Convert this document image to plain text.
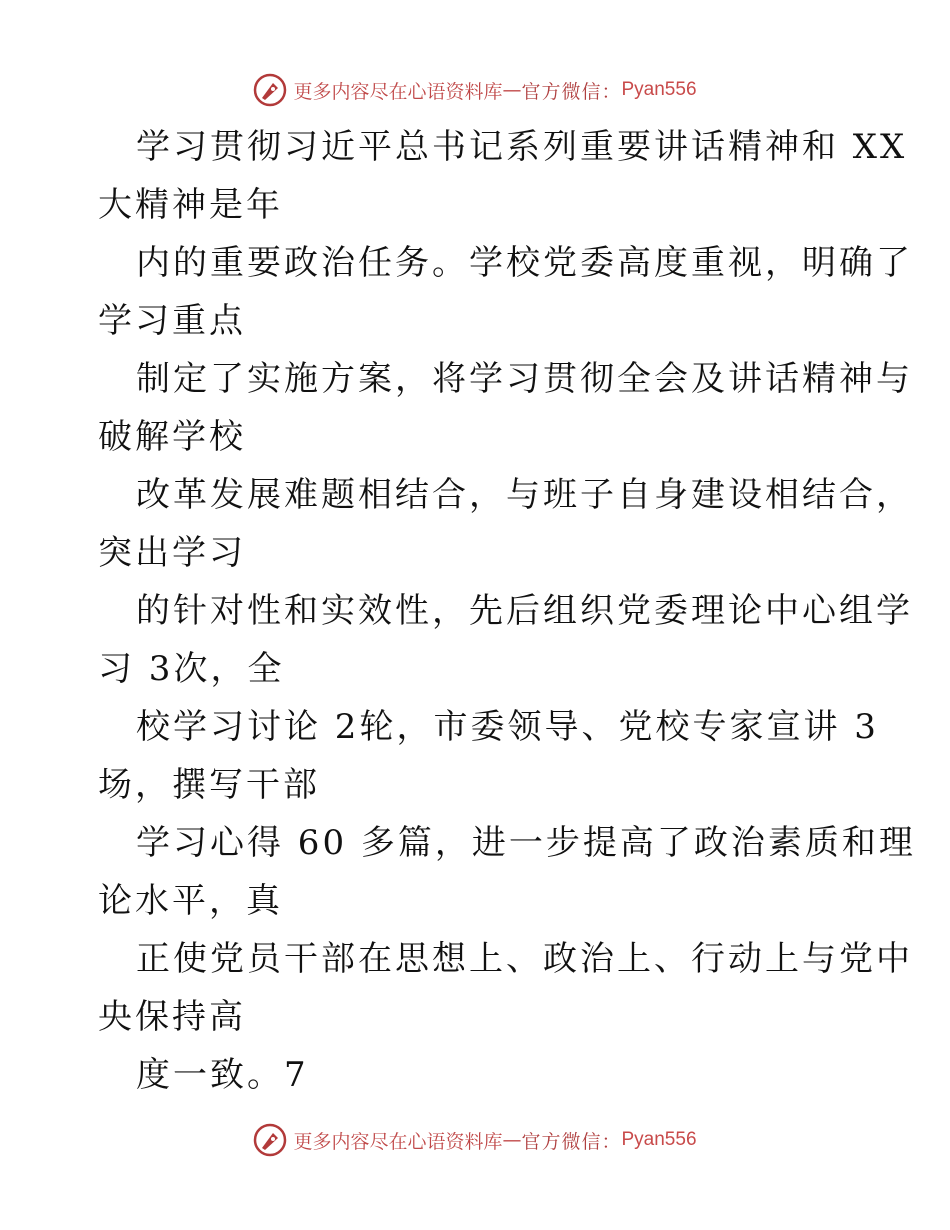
更多内容尽在心语资料库 — 官方微信： Pyan556
学习贯彻习近平总书记系列重要讲话精神和 XX
大精神是年
内的重要政治任务。学校党委高度重视，明确了
学习重点
制定了实施方案，将学习贯彻全会及讲话精神与
破解学校
改革发展难题相结合，与班子自身建设相结合，
突出学习
的针对性和实效性，先后组织党委理论中心组学
习 3次，全
校学习讨论 2轮，市委领导、党校专家宣讲 3
场，撰写干部
学习心得 60 多篇，进一步提高了政治素质和理
论水平，真
正使党员干部在思想上、政治上、行动上与党中
央保持高
度一致。7
更多内容尽在心语资料库 — 官方微信： Pyan556
